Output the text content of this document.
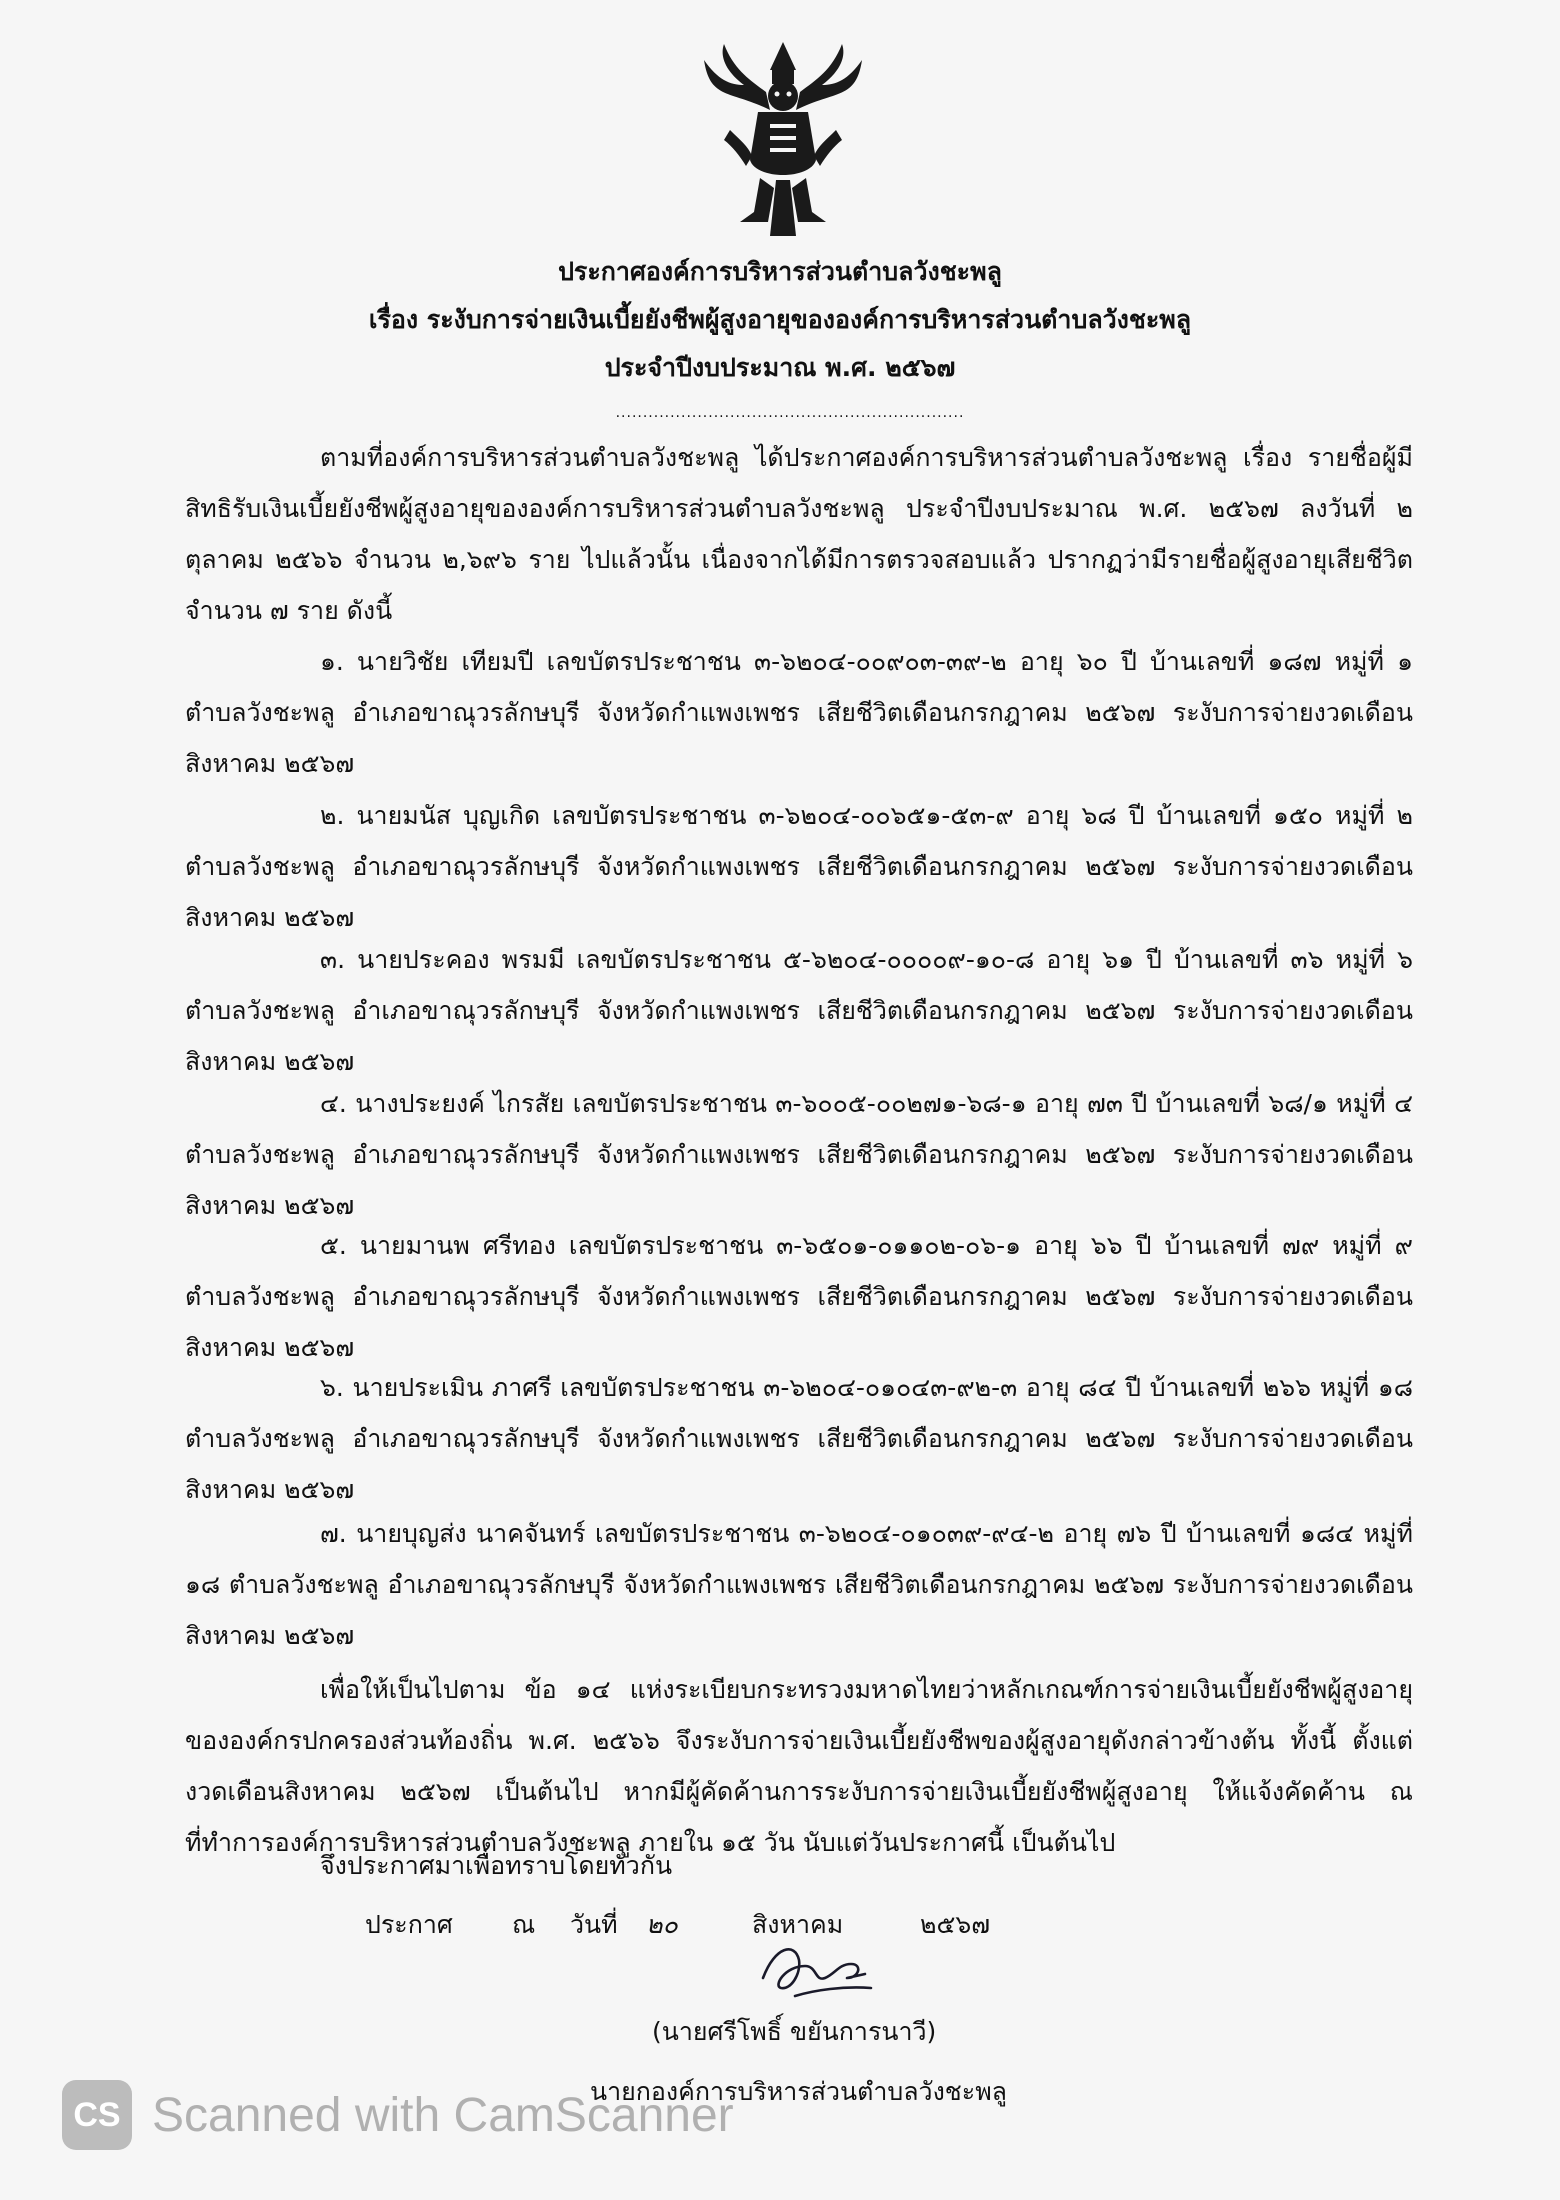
ประกาศองค์การบริหารส่วนตำบลวังชะพลู
เรื่อง ระงับการจ่ายเงินเบี้ยยังชีพผู้สูงอายุขององค์การบริหารส่วนตำบลวังชะพลู
ประจำปีงบประมาณ พ.ศ. ๒๕๖๗
................................................................
ตามที่องค์การบริหารส่วนตำบลวังชะพลู ได้ประกาศองค์การบริหารส่วนตำบลวังชะพลู เรื่อง รายชื่อผู้มีสิทธิรับเงินเบี้ยยังชีพผู้สูงอายุขององค์การบริหารส่วนตำบลวังชะพลู ประจำปีงบประมาณ พ.ศ. ๒๕๖๗ ลงวันที่ ๒ ตุลาคม ๒๕๖๖ จำนวน ๒,๖๙๖ ราย ไปแล้วนั้น เนื่องจากได้มีการตรวจสอบแล้ว ปรากฏว่ามีรายชื่อผู้สูงอายุเสียชีวิต จำนวน ๗ ราย ดังนี้
๑. นายวิชัย เทียมปี เลขบัตรประชาชน ๓-๖๒๐๔-๐๐๙๐๓-๓๙-๒ อายุ ๖๐ ปี บ้านเลขที่ ๑๘๗ หมู่ที่ ๑ ตำบลวังชะพลู อำเภอขาณุวรลักษบุรี จังหวัดกำแพงเพชร เสียชีวิตเดือนกรกฎาคม ๒๕๖๗ ระงับการจ่ายงวดเดือนสิงหาคม ๒๕๖๗
๒. นายมนัส บุญเกิด เลขบัตรประชาชน ๓-๖๒๐๔-๐๐๖๕๑-๕๓-๙ อายุ ๖๘ ปี บ้านเลขที่ ๑๕๐ หมู่ที่ ๒ ตำบลวังชะพลู อำเภอขาณุวรลักษบุรี จังหวัดกำแพงเพชร เสียชีวิตเดือนกรกฎาคม ๒๕๖๗ ระงับการจ่ายงวดเดือนสิงหาคม ๒๕๖๗
๓. นายประคอง พรมมี เลขบัตรประชาชน ๕-๖๒๐๔-๐๐๐๐๙-๑๐-๘ อายุ ๖๑ ปี บ้านเลขที่ ๓๖ หมู่ที่ ๖ ตำบลวังชะพลู อำเภอขาณุวรลักษบุรี จังหวัดกำแพงเพชร เสียชีวิตเดือนกรกฎาคม ๒๕๖๗ ระงับการจ่ายงวดเดือนสิงหาคม ๒๕๖๗
๔. นางประยงค์ ไกรสัย เลขบัตรประชาชน ๓-๖๐๐๕-๐๐๒๗๑-๖๘-๑ อายุ ๗๓ ปี บ้านเลขที่ ๖๘/๑ หมู่ที่ ๔ ตำบลวังชะพลู อำเภอขาณุวรลักษบุรี จังหวัดกำแพงเพชร เสียชีวิตเดือนกรกฎาคม ๒๕๖๗ ระงับการจ่ายงวดเดือนสิงหาคม ๒๕๖๗
๕. นายมานพ ศรีทอง เลขบัตรประชาชน ๓-๖๕๐๑-๐๑๑๐๒-๐๖-๑ อายุ ๖๖ ปี บ้านเลขที่ ๗๙ หมู่ที่ ๙ ตำบลวังชะพลู อำเภอขาณุวรลักษบุรี จังหวัดกำแพงเพชร เสียชีวิตเดือนกรกฎาคม ๒๕๖๗ ระงับการจ่ายงวดเดือนสิงหาคม ๒๕๖๗
๖. นายประเมิน ภาศรี เลขบัตรประชาชน ๓-๖๒๐๔-๐๑๐๔๓-๙๒-๓ อายุ ๘๔ ปี บ้านเลขที่ ๒๖๖ หมู่ที่ ๑๘ ตำบลวังชะพลู อำเภอขาณุวรลักษบุรี จังหวัดกำแพงเพชร เสียชีวิตเดือนกรกฎาคม ๒๕๖๗ ระงับการจ่ายงวดเดือนสิงหาคม ๒๕๖๗
๗. นายบุญส่ง นาคจันทร์ เลขบัตรประชาชน ๓-๖๒๐๔-๐๑๐๓๙-๙๔-๒ อายุ ๗๖ ปี บ้านเลขที่ ๑๘๔ หมู่ที่ ๑๘ ตำบลวังชะพลู อำเภอขาณุวรลักษบุรี จังหวัดกำแพงเพชร เสียชีวิตเดือนกรกฎาคม ๒๕๖๗ ระงับการจ่ายงวดเดือนสิงหาคม ๒๕๖๗
เพื่อให้เป็นไปตาม ข้อ ๑๔ แห่งระเบียบกระทรวงมหาดไทยว่าหลักเกณฑ์การจ่ายเงินเบี้ยยังชีพผู้สูงอายุขององค์กรปกครองส่วนท้องถิ่น พ.ศ. ๒๕๖๖ จึงระงับการจ่ายเงินเบี้ยยังชีพของผู้สูงอายุดังกล่าวข้างต้น ทั้งนี้ ตั้งแต่งวดเดือนสิงหาคม ๒๕๖๗ เป็นต้นไป หากมีผู้คัดค้านการระงับการจ่ายเงินเบี้ยยังชีพผู้สูงอายุ ให้แจ้งคัดค้าน ณ ที่ทำการองค์การบริหารส่วนตำบลวังชะพลู ภายใน ๑๕ วัน นับแต่วันประกาศนี้ เป็นต้นไป
จึงประกาศมาเพื่อทราบโดยทั่วกัน
ประกาศ ณ วันที่ ๒๐	สิงหาคม	๒๕๖๗
(นายศรีโพธิ์ ขยันการนาวี)
นายกองค์การบริหารส่วนตำบลวังชะพลู
CS Scanned with CamScanner
